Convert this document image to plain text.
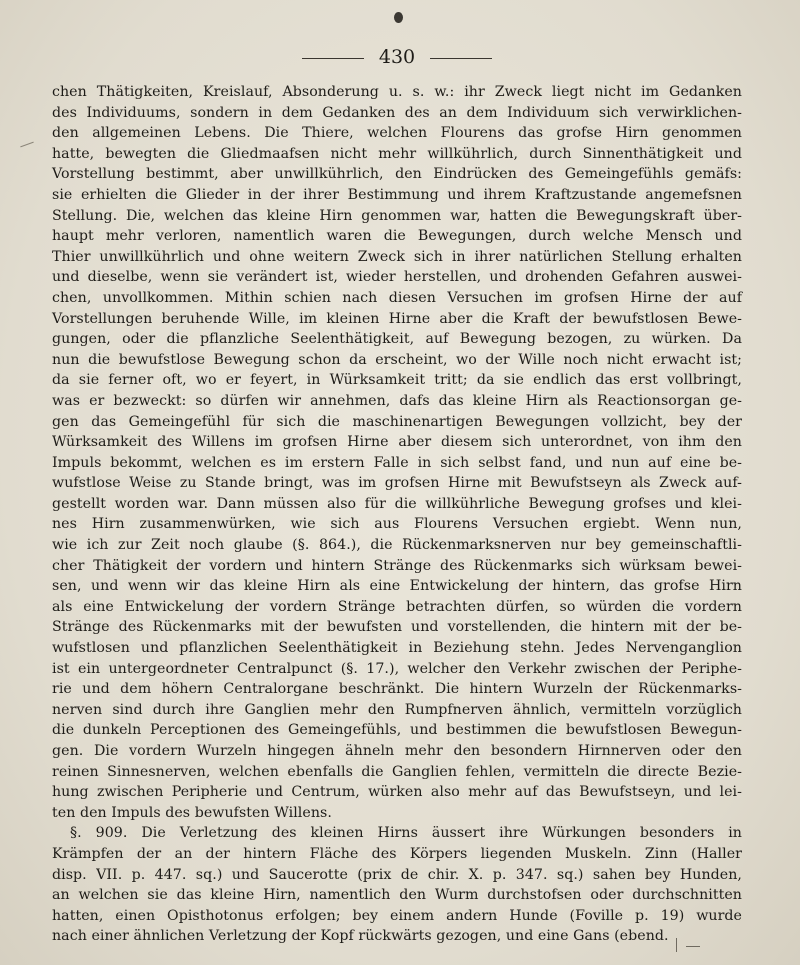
430
chen Thätigkeiten, Kreislauf, Absonderung u. s. w.: ihr Zweck liegt nicht im Gedanken
des Individuums, sondern in dem Gedanken des an dem Individuum sich verwirklichen-
den allgemeinen Lebens. Die Thiere, welchen Flourens das grofse Hirn genommen
hatte, bewegten die Gliedmaafsen nicht mehr willkührlich, durch Sinnenthätigkeit und
Vorstellung bestimmt, aber unwillkührlich, den Eindrücken des Gemeingefühls gemäfs:
sie erhielten die Glieder in der ihrer Bestimmung und ihrem Kraftzustande angemefsnen
Stellung. Die, welchen das kleine Hirn genommen war, hatten die Bewegungskraft über-
haupt mehr verloren, namentlich waren die Bewegungen, durch welche Mensch und
Thier unwillkührlich und ohne weitern Zweck sich in ihrer natürlichen Stellung erhalten
und dieselbe, wenn sie verändert ist, wieder herstellen, und drohenden Gefahren auswei-
chen, unvollkommen. Mithin schien nach diesen Versuchen im grofsen Hirne der auf
Vorstellungen beruhende Wille, im kleinen Hirne aber die Kraft der bewufstlosen Bewe-
gungen, oder die pflanzliche Seelenthätigkeit, auf Bewegung bezogen, zu würken. Da
nun die bewufstlose Bewegung schon da erscheint, wo der Wille noch nicht erwacht ist;
da sie ferner oft, wo er feyert, in Würksamkeit tritt; da sie endlich das erst vollbringt,
was er bezweckt: so dürfen wir annehmen, dafs das kleine Hirn als Reactionsorgan ge-
gen das Gemeingefühl für sich die maschinenartigen Bewegungen vollzicht, bey der
Würksamkeit des Willens im grofsen Hirne aber diesem sich unterordnet, von ihm den
Impuls bekommt, welchen es im erstern Falle in sich selbst fand, und nun auf eine be-
wufstlose Weise zu Stande bringt, was im grofsen Hirne mit Bewufstseyn als Zweck auf-
gestellt worden war. Dann müssen also für die willkührliche Bewegung grofses und klei-
nes Hirn zusammenwürken, wie sich aus Flourens Versuchen ergiebt. Wenn nun,
wie ich zur Zeit noch glaube (§. 864.), die Rückenmarksnerven nur bey gemeinschaftli-
cher Thätigkeit der vordern und hintern Stränge des Rückenmarks sich würksam bewei-
sen, und wenn wir das kleine Hirn als eine Entwickelung der hintern, das grofse Hirn
als eine Entwickelung der vordern Stränge betrachten dürfen, so würden die vordern
Stränge des Rückenmarks mit der bewufsten und vorstellenden, die hintern mit der be-
wufstlosen und pflanzlichen Seelenthätigkeit in Beziehung stehn. Jedes Nervenganglion
ist ein untergeordneter Centralpunct (§. 17.), welcher den Verkehr zwischen der Periphe-
rie und dem höhern Centralorgane beschränkt. Die hintern Wurzeln der Rückenmarks-
nerven sind durch ihre Ganglien mehr den Rumpfnerven ähnlich, vermitteln vorzüglich
die dunkeln Perceptionen des Gemeingefühls, und bestimmen die bewufstlosen Bewegun-
gen. Die vordern Wurzeln hingegen ähneln mehr den besondern Hirnnerven oder den
reinen Sinnesnerven, welchen ebenfalls die Ganglien fehlen, vermitteln die directe Bezie-
hung zwischen Peripherie und Centrum, würken also mehr auf das Bewufstseyn, und lei-
ten den Impuls des bewufsten Willens.
§. 909. Die Verletzung des kleinen Hirns äussert ihre Würkungen besonders in
Krämpfen der an der hintern Fläche des Körpers liegenden Muskeln. Zinn (Haller
disp. VII. p. 447. sq.) und Saucerotte (prix de chir. X. p. 347. sq.) sahen bey Hunden,
an welchen sie das kleine Hirn, namentlich den Wurm durchstofsen oder durchschnitten
hatten, einen Opisthotonus erfolgen; bey einem andern Hunde (Foville p. 19) wurde
nach einer ähnlichen Verletzung der Kopf rückwärts gezogen, und eine Gans (ebend.
